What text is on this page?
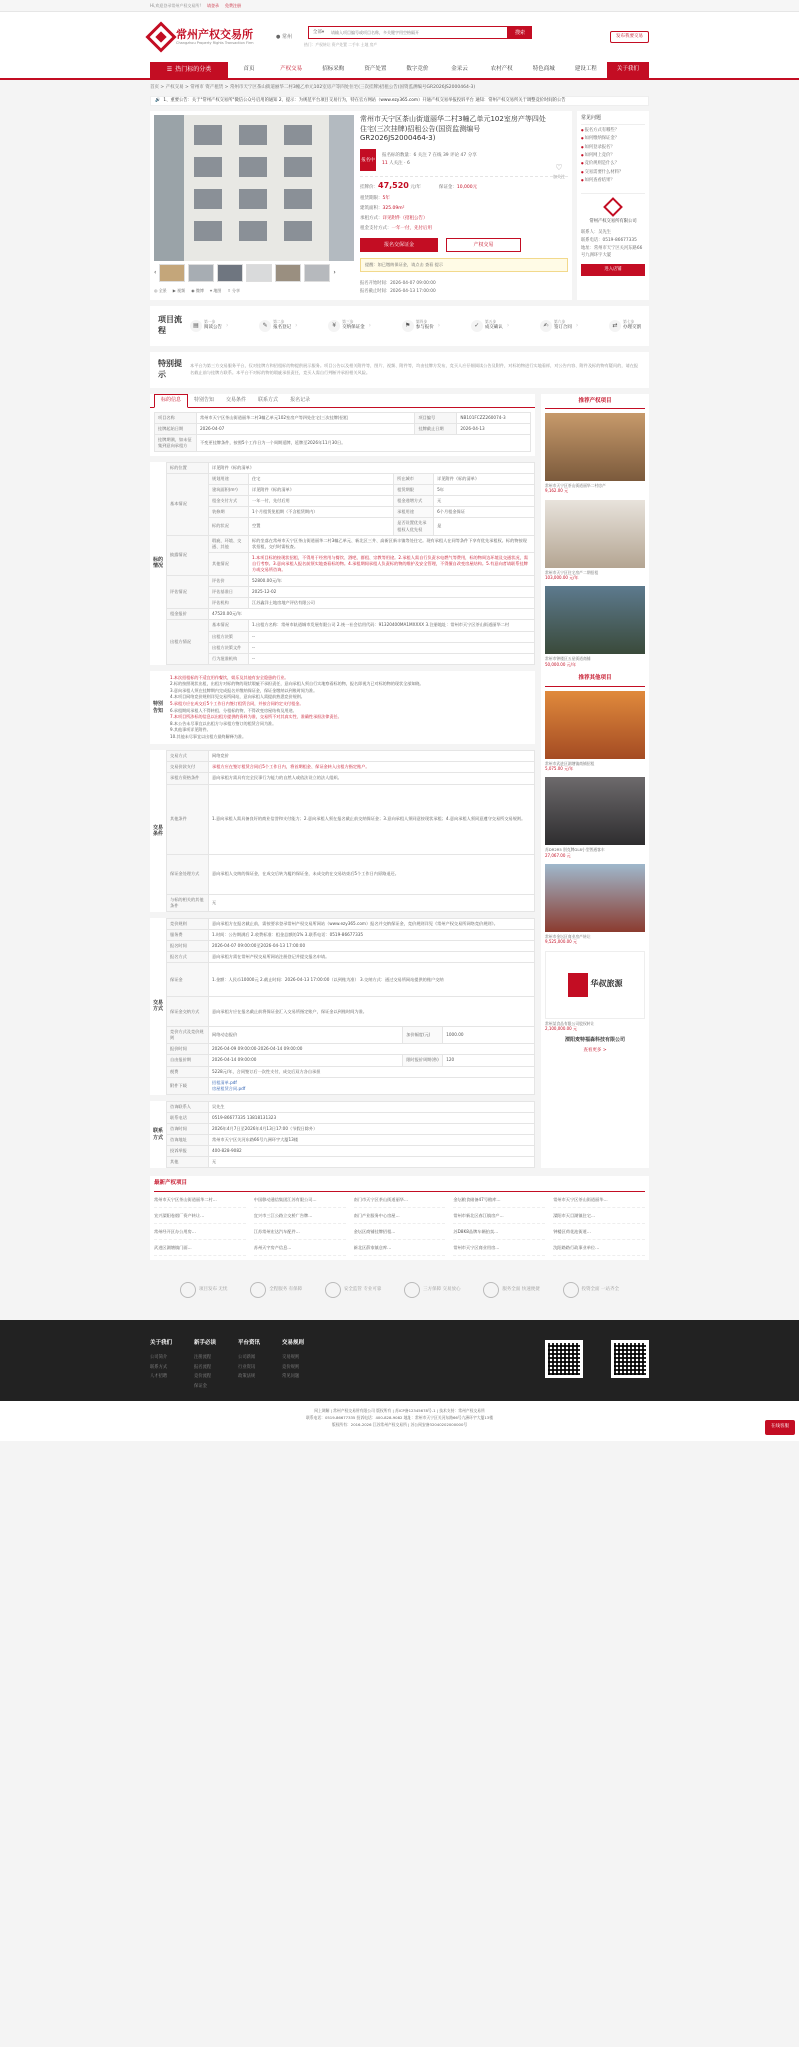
Hi,欢迎登录常州产权交易所! 请登录 免费注册
常州产权交易所
Changzhou Property Rights Transaction Firm
● 常州
全部 ▾
请输入项目编号或项目名称，多关键字用空格隔开	搜索
热门：产权转让 资产处置 二手车 土地 房产
发布我要交易
☰ 热门标的分类	首页	产权交易	招标采购	资产处置	数字竞价	金采云	农村产权	特色商城	建设工程	关于我们
首页 > 产权交易 > 常州市 资产租赁 > 常州市天宁区茶山街道丽华二村3幢乙单元102室房产等四处住宅(三次挂牌)招租公告(国资监测编号GR2026JS2000464-3)
🔊 1、重要公告：关于"常州产权交易所"微信公众号启用的通知 2、提示：为规范平台项目交易行为，特在官方网站（www.ezy365.com）开通产权交易举报投诉平台 通知：常州产权交易所关于调整竞价时间的公告
‹	›
◎ 全景 ▶ 视频 ◉ 微博 ⌖ 地图 ⇪ 分享
常州市天宁区茶山街道丽华二村3幢乙单元102室房产等四处住宅(三次挂牌)招租公告(国资监测编号GR2026JS2000464-3)
♡
加关注
报名中
报名标的数量：6 关注 7 在线 39 评论 47 分享
11 人关注 · 6
挂牌价：47,520 元/年	保证金：10,000元
租赁期限：5年
建筑面积：325.09m²
承租方式：详见附件（招租公告）
租金支付方式：一年一付，先付后用
报名交保证金	产权交易
提醒：如已缴纳保证金，请点击 查看 提示
报名开始时间：2026-04-07 09:00:00
报名截止时间：2026-04-13 17:00:00
常见问题
● 报名方式有哪些？
● 如何缴纳保证金？
● 如何登录报名？
● 如何网上竞价？
● 竞价规则是什么？
● 交易需要什么材料？
● 如何查看结果？
常州产权交易所有限公司
联系人：吴先生
联系电话：0519-86677335
地址：常州市天宁区关河东路66号九洲环宇大厦
进入店铺
项目流程
▤	第一步
阅读公告 ›	✎	第二步
报名登记 ›	¥	第三步
交纳保证金 ›	⚑	第四步
参与报价 ›	✓	第五步
成交确认 ›	✍	第六步
签订合同 ›	⇄	第七步
办理交割
特别提示
本平台为第三方交易服务平台，仅对挂牌方和招租标的物提供展示服务。项目公告以及相关附件等，图片、视频、附件等，均由挂牌方发布，竞买人应仔细阅读公告及附件，对标的物进行实地看样，对公告内容、附件及标的物有疑问的，请在报名截止前与挂牌方联系。本平台不对标的物的瑕疵承担责任，竞买人需自行判断并承担相关风险。
标的信息	特别告知	交易条件	联系方式	报名记录
项目名称	常州市天宁区茶山街道丽华二村3幢乙单元102室房产等四处住宅(三次挂牌)招租	项目编号	NB101FCZZ260074-3
挂牌起始日期	2026-04-07	挂牌截止日期	2026-04-13
挂牌期满，如未征集到意向承租方	不变更挂牌条件，按照5个工作日为一个周期延牌，延牌至2026年11月30日。		
标的情况
标的位置	详见附件《标的清单》			
基本情况	规划用途	住宅	所在城市	详见附件《标的清单》
	建筑面积(m²)	详见附件《标的清单》	租赁期限	5年
	租金支付方式	一年一付，先付后用	租金递增方式	无
	装修期	1个月租赁免租期（不含租赁期内）	承租用途	6个月租金保证
	标的状况	空置	是否设置优先承租权人优先权	是
披露情况	瑕疵、环境、交通、其他	标的坐落在常州市天宁区茶山街道丽华二村3幢乙单元、新北区三井、高新区新丰镇等处住宅。现有承租人在同等条件下享有优先承租权。标的物按现状招租，交付时需检查。		
	其他情况	1.本项目标的按现状招租，不得用于经营用与餐饮、酒吧、群租、宗教等用途。2.承租人需自行负责水电燃气等费用，标的物周边环境及交通状况，需自行考察。3.意向承租人报名前须实地查看标的物。4.承租期间承租人负责标的物的维护及安全管理，不得擅自改变房屋结构。5.有意向者请联系挂牌方或交易所咨询。		
评估情况	评估价	52800.00元/年		
	评估基准日	2025-12-02		
	评估机构	江苏鑫洋土地房地产评估有限公司		
租金报价	47520.00元/年			
出租方情况	基本情况	1.出租方名称：常州市轨道城市发展有限公司 2.统一社会信用代码：91320400MA1MXXXX 3.注册地址：常州市天宁区茶山街道丽华二村		
	出租方决策	--		
	出租方决策文件	--		
	行为批准机构	--		
特别告知

1.本次招租标的不适宜用作餐饮，娱乐及其他有安全隐患的行业。

2.标的按照现状出租，出租方对标的物的现状瑕疵不承担责任，意向承租人须自行实地察看标的物，报名即视为已对标的物的现状全部知晓。

3.意向承租人须在挂牌期内完成报名并缴纳保证金，保证金缴纳以到账时间为准。

4.本项目网络竞价规则详见交易所网站，意向承租人需提前熟悉竞价规则。

5.承租方应在成交后5个工作日内签订租赁合同，并按合同约定支付租金。

6.承租期间承租人不得转租、分租标的物，不得改变房屋结构及用途。

7.本项目所涉标的信息以出租方提供的资料为准，交易所不对其真实性、准确性承担法律责任。

8.本公告未尽事宜以出租方与承租方签订的租赁合同为准。

9.其他事项详见附件。

10.其他未尽事宜以出租方最终解释为准。

交易条件
交易方式	网络竞价
交易价款支付	承租方应在签订租赁合同后5个工作日内，将首期租金、保证金转入出租方指定账户。
承租方资格条件	意向承租方需具有完全民事行为能力的自然人或依法设立的法人组织。
其他条件	1.意向承租人需具备良好的商业信誉和支付能力；2.意向承租人须在报名截止前交纳保证金；3.意向承租人须同意按现状承租；4.意向承租人须同意遵守交易所交易规则。
保证金处理方式	意向承租人交纳的保证金，在成交后转为履约保证金，未成交的在交易结束后5个工作日内原路退还。
与标的相关的其他条件	无
交易方式
竞价规则	意向承租方在报名截止前，需按要求登录常州产权交易所网站（www.ezy365.com）报名并交纳保证金，竞价规则详见《常州产权交易所网络竞价规则》。		
服务费	1.时间：公告期满后 2.收费标准：租金总额的1% 3.联系电话：0519-86677335		
报名时间	2026-04-07 09:00:00至2026-04-13 17:00:00		
报名方式	意向承租方需在常州产权交易所网站注册登记并提交报名申请。		
保证金	1.金额：人民币10000元 2.截止时间：2026-04-13 17:00:00（以到账为准） 3.交纳方式：通过交易所网站提供的账户交纳		
保证金交纳方式	意向承租方应在报名截止前将保证金汇入交易所指定账户，保证金以到账时间为准。		
竞价方式及竞价规则	网络动态报价	加价幅度(元)	1000.00
报价时间	2026-04-09 09:00:00-2026-04-14 09:00:00		
自由报价期	2026-04-14 09:00:00	限时报价周期(秒)	120
税费	5228元/年，合同签订后一次性支付，成交后双方各自承担		
附件下载	招租清单.pdf
房屋租赁合同.pdf		
联系方式
咨询联系人	吴先生
联系电话	0519-86677335 13818131323
咨询时间	2026年4月7日至2026年4月13日17:00（节假日除外）
咨询地址	常州市天宁区关河东路66号九洲环宇大厦13楼
投诉举报	400-828-9082
其他	无
推荐产权项目
常州市天宁区茶山街道丽华二村房产
9,162.00 元
常州市天宁区住宅房产二期招租
103,000.00 元/年
常州市钟楼区五星街道商铺
50,000.00 元/年
推荐其他项目
常州市武进区湖塘镇商铺招租
5,075.00 元/年
苏DR2R5 别克牌GL8小型普通客车
27,067.00 元
常州市金坛区商业房产转让
9,525,000.00 元
华叔旅源
常州某食品有限公司股权转让
2,100,000.00 元
溧阳麦特福森科技有限公司
查看更多 >
最新产权项目
常州市天宁区茶山街道丽华二村…	中国移动通信集团江苏有限公司…	南门市天宁区茶山街道丽华…	金坛粮食储备47号粮库…	常州市天宁区茶山街道丽华…
宣兴溧阳卷烟厂资产转让…	宜兴市三江公路立交桥广告牌…	南门产业服务中心房屋…	常州市新北区春江镇房产…	溧阳市天目湖镇住宅…
常州经开区办公用房…	江苏常州宏达汽车配件…	金坛区商铺挂牌招租…	苏D8K8品牌车辆拍卖…	钟楼区荷花池街道…
武进区湖塘镇门面…	苏州天宇房产信息…	新北区薛家镇仓库…	常州市天宁区商业用房…	沈阳路路行政事业单位…
项目发布 无忧	全程服务 有保障	安全监管 专业可靠	三方保障 交易放心	服务全面 快速便捷	投资全面 一站齐全
关于我们
公司简介
联系方式
人才招聘
新手必读
注册流程
报名流程
竞价流程
保证金
平台资讯
公司新闻
行业资讯
政策法规
交易规则
交易规则
竞价规则
常见问题
网上调解 | 常州产权交易所有限公司 版权所有 | 苏ICP备12345678号-1 | 技术支持：常州产权交易所
联系电话：0519-86677335 投诉电话：400-828-9082 地址：常州市天宁区关河东路66号九洲环宇大厦13楼
版权所有：2016-2026 江苏常州产权交易所 | 苏公网安备32040202000000号	在线客服
